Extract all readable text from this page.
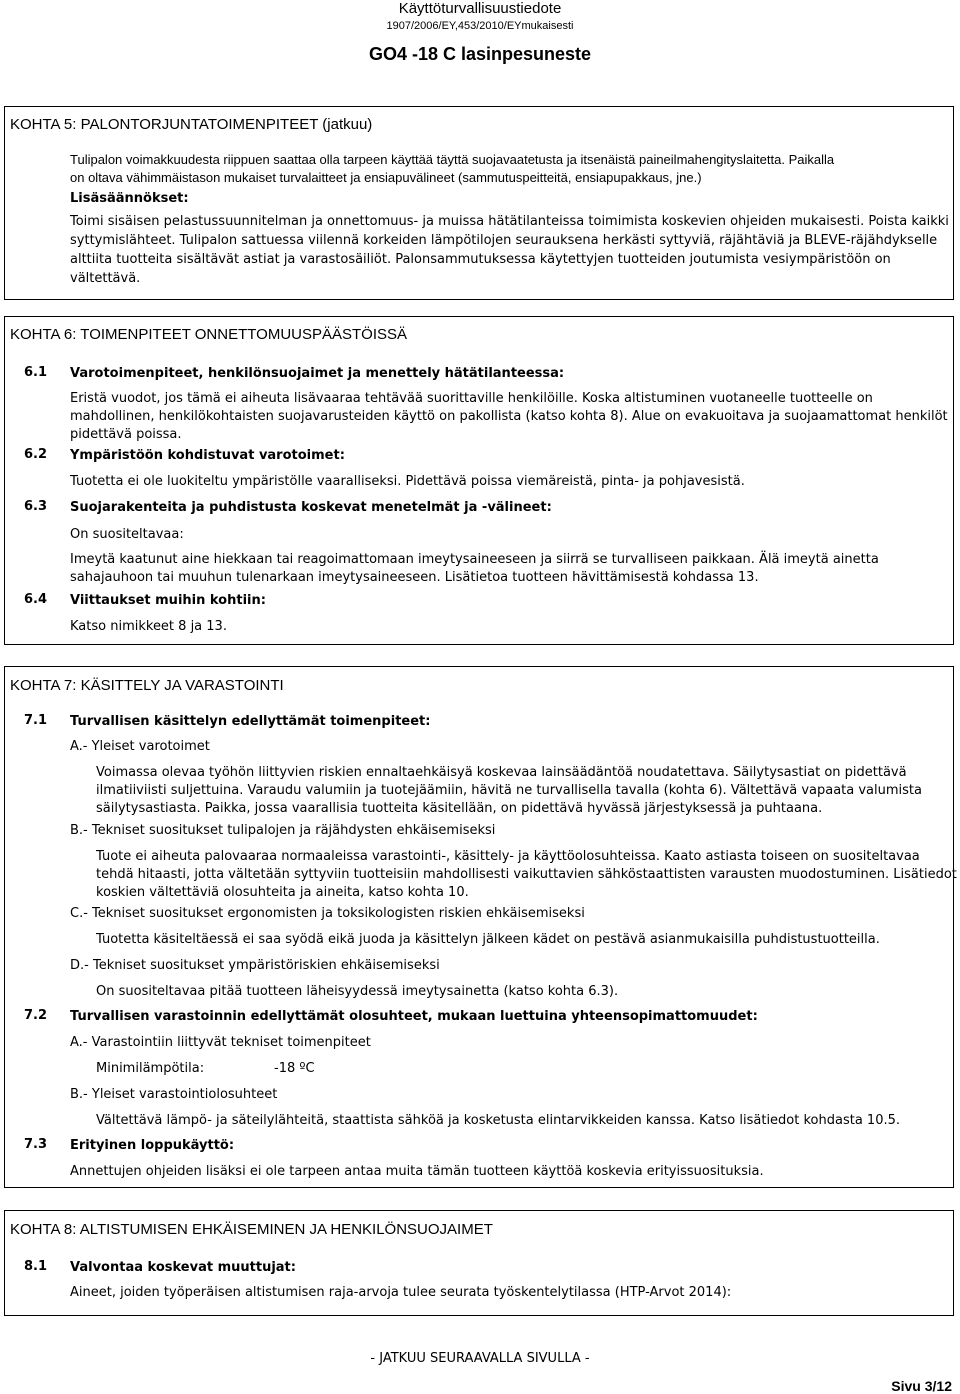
Käyttöturvallisuustiedote
1907/2006/EY,453/2010/EYmukaisesti
GO4 -18 C lasinpesuneste
KOHTA 5: PALONTORJUNTATOIMENPITEET (jatkuu)
Tulipalon voimakkuudesta riippuen saattaa olla tarpeen käyttää täyttä suojavaatetusta ja itsenäistä paineilmahengityslaitetta. Paikalla
on oltava vähimmäistason mukaiset turvalaitteet ja ensiapuvälineet (sammutuspeitteitä, ensiapupakkaus, jne.)
Lisäsäännökset:
Toimi sisäisen pelastussuunnitelman ja onnettomuus- ja muissa hätätilanteissa toimimista koskevien ohjeiden mukaisesti. Poista kaikki
syttymislähteet. Tulipalon sattuessa viilennä korkeiden lämpötilojen seurauksena herkästi syttyviä, räjähtäviä ja BLEVE-räjähdykselle
alttiita tuotteita sisältävät astiat ja varastosäiliöt. Palonsammutuksessa käytettyjen tuotteiden joutumista vesiympäristöön on
vältettävä.
KOHTA 6: TOIMENPITEET ONNETTOMUUSPÄÄSTÖISSÄ
6.1 Varotoimenpiteet, henkilönsuojaimet ja menettely hätätilanteessa:
Eristä vuodot, jos tämä ei aiheuta lisävaaraa tehtävää suorittaville henkilöille. Koska altistuminen vuotaneelle tuotteelle on
mahdollinen, henkilökohtaisten suojavarusteiden käyttö on pakollista (katso kohta 8). Alue on evakuoitava ja suojaamattomat henkilöt
pidettävä poissa.
6.2 Ympäristöön kohdistuvat varotoimet:
Tuotetta ei ole luokiteltu ympäristölle vaaralliseksi. Pidettävä poissa viemäreistä, pinta- ja pohjavesistä.
6.3 Suojarakenteita ja puhdistusta koskevat menetelmät ja -välineet:
On suositeltavaa:
Imeytä kaatunut aine hiekkaan tai reagoimattomaan imeytysaineeseen ja siirrä se turvalliseen paikkaan. Älä imeytä ainetta
sahajauhoon tai muuhun tulenarkaan imeytysaineeseen. Lisätietoa tuotteen hävittämisestä kohdassa 13.
6.4 Viittaukset muihin kohtiin:
Katso nimikkeet 8 ja 13.
KOHTA 7: KÄSITTELY JA VARASTOINTI
7.1 Turvallisen käsittelyn edellyttämät toimenpiteet:
A.- Yleiset varotoimet
Voimassa olevaa työhön liittyvien riskien ennaltaehkäisyä koskevaa lainsäädäntöä noudatettava. Säilytysastiat on pidettävä
ilmatiiviisti suljettuina. Varaudu valumiin ja tuotejäämiin, hävitä ne turvallisella tavalla (kohta 6). Vältettävä vapaata valumista
säilytysastiasta. Paikka, jossa vaarallisia tuotteita käsitellään, on pidettävä hyvässä järjestyksessä ja puhtaana.
B.- Tekniset suositukset tulipalojen ja räjähdysten ehkäisemiseksi
Tuote ei aiheuta palovaaraa normaaleissa varastointi-, käsittely- ja käyttöolosuhteissa. Kaato astiasta toiseen on suositeltavaa
tehdä hitaasti, jotta vältetään syttyviin tuotteisiin mahdollisesti vaikuttavien sähköstaattisten varausten muodostuminen. Lisätiedot
koskien vältettäviä olosuhteita ja aineita, katso kohta 10.
C.- Tekniset suositukset ergonomisten ja toksikologisten riskien ehkäisemiseksi
Tuotetta käsiteltäessä ei saa syödä eikä juoda ja käsittelyn jälkeen kädet on pestävä asianmukaisilla puhdistustuotteilla.
D.- Tekniset suositukset ympäristöriskien ehkäisemiseksi
On suositeltavaa pitää tuotteen läheisyydessä imeytysainetta (katso kohta 6.3).
7.2 Turvallisen varastoinnin edellyttämät olosuhteet, mukaan luettuina yhteensopimattomuudet:
A.- Varastointiin liittyvät tekniset toimenpiteet
Minimilämpötila:	-18 ºC
B.- Yleiset varastointiolosuhteet
Vältettävä lämpö- ja säteilylähteitä, staattista sähköä ja kosketusta elintarvikkeiden kanssa. Katso lisätiedot kohdasta 10.5.
7.3 Erityinen loppukäyttö:
Annettujen ohjeiden lisäksi ei ole tarpeen antaa muita tämän tuotteen käyttöä koskevia erityissuosituksia.
KOHTA 8: ALTISTUMISEN EHKÄISEMINEN JA HENKILÖNSUOJAIMET
8.1 Valvontaa koskevat muuttujat:
Aineet, joiden työperäisen altistumisen raja-arvoja tulee seurata työskentelytilassa (HTP-Arvot 2014):
- JATKUU SEURAAVALLA SIVULLA -
Sivu 3/12
